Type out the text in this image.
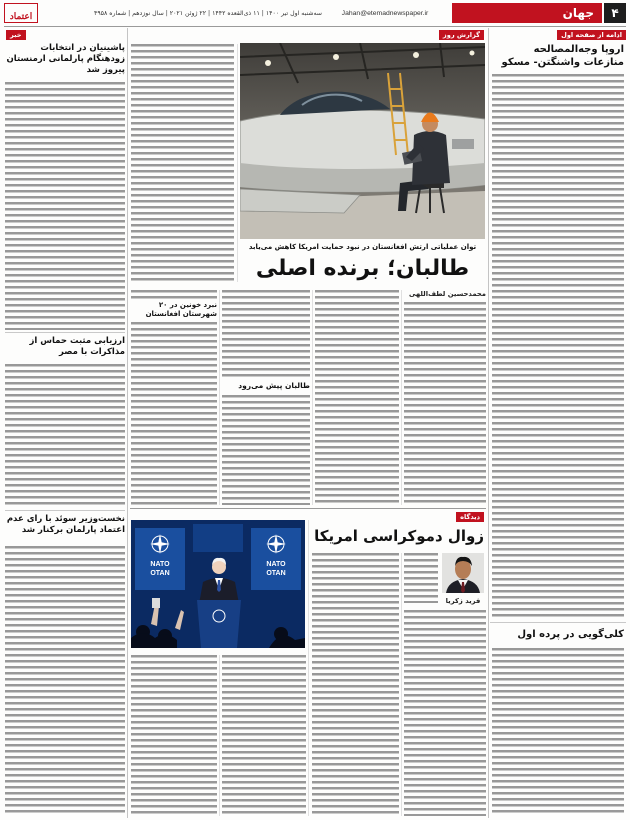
۴
جهان
Jahan@etemadnewspaper.ir
سه‌شنبه اول تیر ۱۴۰۰ | ۱۱ ذی‌القعده ۱۴۴۲ | ۲۲ ژوئن ۲۰۲۱ | سال نوزدهم | شماره ۴۹۵۸
اعتماد
ادامه از صفحه اول
اروپا وجه‌المصالحه منازعات واشنگتن- مسکو
کلی‌گویی در پرده اول
گزارش روز
توان عملیاتی ارتش افغانستان در نبود حمایت امریکا کاهش می‌یابد
طالبان؛ برنده اصلی
محمدحسین لطف‌اللهی
طالبان پیش می‌رود
نبرد خونین در ۲۰ شهرستان افغانستان
دیدگاه
زوال دموکراسی امریکا
فرید زکریا
NATO
OTAN
NATO
OTAN
خبر
پاشینیان در انتخابات زودهنگام پارلمانی ارمنستان پیروز شد
ارزیابی مثبت حماس از مذاکرات با مصر
نخست‌وزیر سوئد با رای عدم اعتماد پارلمان برکنار شد
